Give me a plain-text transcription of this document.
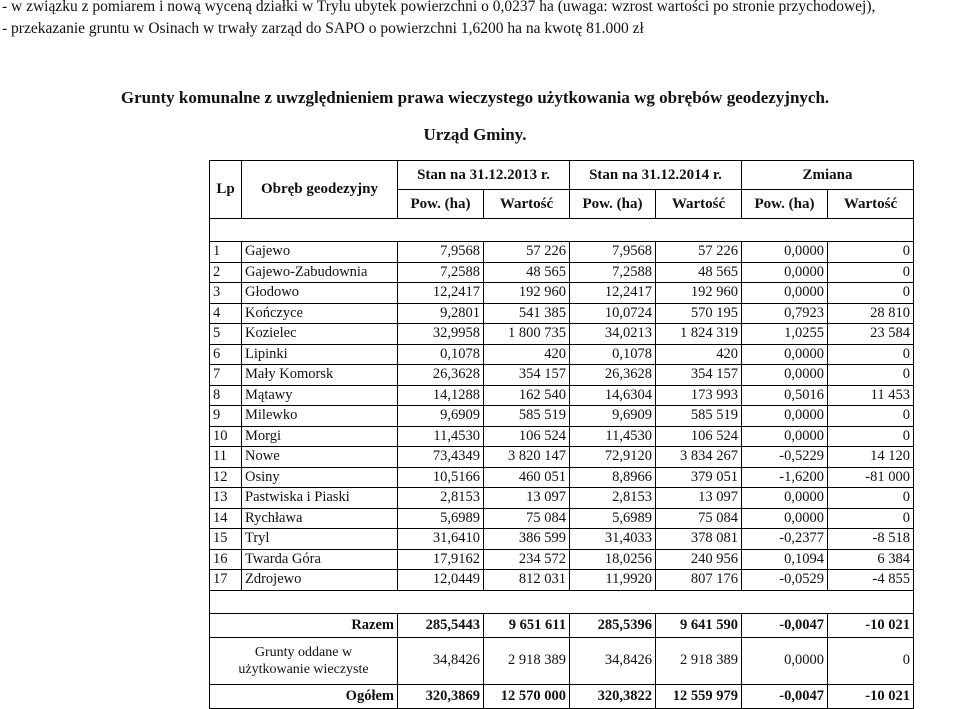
- w związku z pomiarem i nową wyceną działki w Trylu ubytek powierzchni o 0,0237 ha (uwaga: wzrost wartości po stronie przychodowej),
- przekazanie gruntu w Osinach w trwały zarząd do SAPO o powierzchni 1,6200 ha na kwotę 81.000 zł
Grunty komunalne z uwzględnieniem prawa wieczystego użytkowania wg obrębów geodezyjnych.
Urząd Gminy.
Lp	Obręb geodezyjny	Stan na 31.12.2013 r.		Stan na 31.12.2014 r.		Zmiana	
		Pow. (ha)	Wartość	Pow. (ha)	Wartość	Pow. (ha)	Wartość

1	Gajewo	7,9568	57 226	7,9568	57 226	0,0000	0
2	Gajewo-Zabudownia	7,2588	48 565	7,2588	48 565	0,0000	0
3	Głodowo	12,2417	192 960	12,2417	192 960	0,0000	0
4	Kończyce	9,2801	541 385	10,0724	570 195	0,7923	28 810
5	Kozielec	32,9958	1 800 735	34,0213	1 824 319	1,0255	23 584
6	Lipinki	0,1078	420	0,1078	420	0,0000	0
7	Mały Komorsk	26,3628	354 157	26,3628	354 157	0,0000	0
8	Mątawy	14,1288	162 540	14,6304	173 993	0,5016	11 453
9	Milewko	9,6909	585 519	9,6909	585 519	0,0000	0
10	Morgi	11,4530	106 524	11,4530	106 524	0,0000	0
11	Nowe	73,4349	3 820 147	72,9120	3 834 267	-0,5229	14 120
12	Osiny	10,5166	460 051	8,8966	379 051	-1,6200	-81 000
13	Pastwiska i Piaski	2,8153	13 097	2,8153	13 097	0,0000	0
14	Rychława	5,6989	75 084	5,6989	75 084	0,0000	0
15	Tryl	31,6410	386 599	31,4033	378 081	-0,2377	-8 518
16	Twarda Góra	17,9162	234 572	18,0256	240 956	0,1094	6 384
17	Zdrojewo	12,0449	812 031	11,9920	807 176	-0,0529	-4 855

Razem		285,5443	9 651 611	285,5396	9 641 590	-0,0047	-10 021

Grunty oddane w
użytkowanie wieczyste		34,8426	2 918 389	34,8426	2 918 389	0,0000	0
Ogółem		320,3869	12 570 000	320,3822	12 559 979	-0,0047	-10 021
